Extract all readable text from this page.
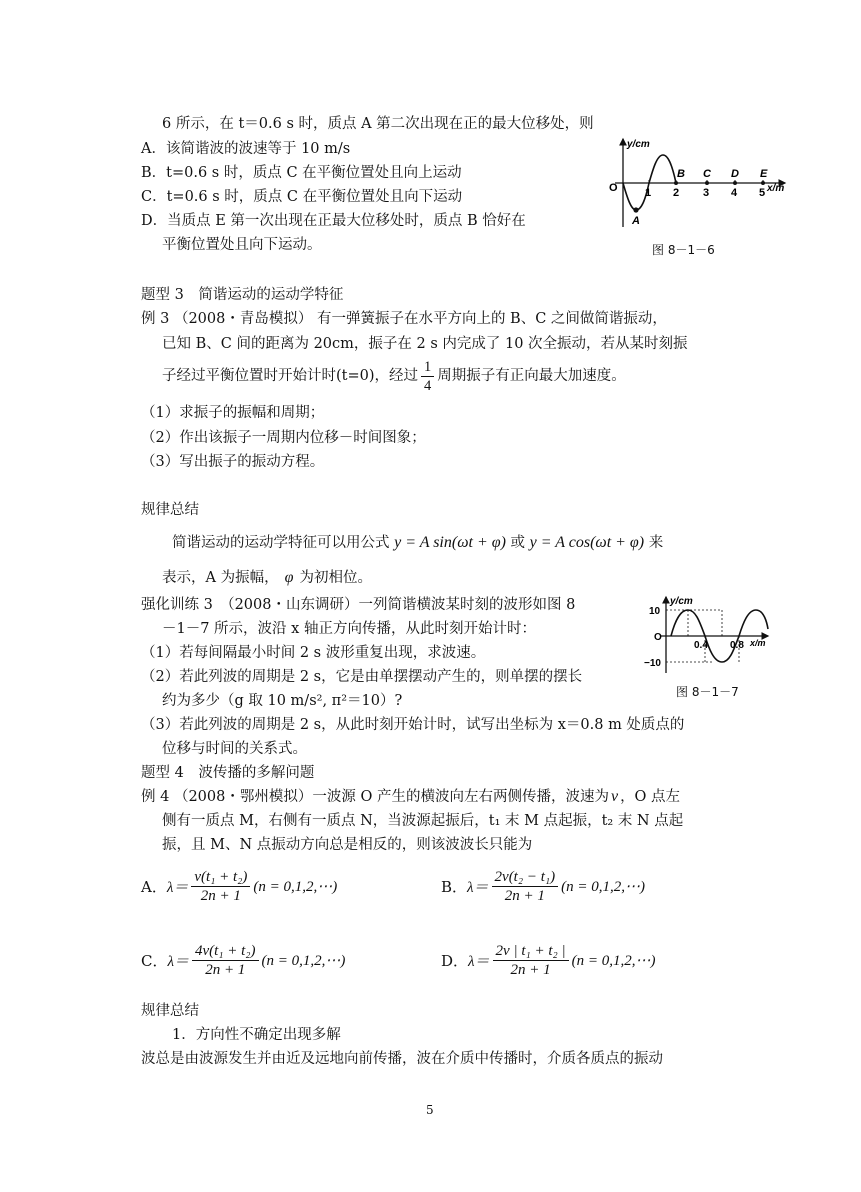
6 所示，在 t＝0.6 s 时，质点 A 第二次出现在正的最大位移处，则
A．该简谐波的波速等于 10 m/s
B．t=0.6 s 时，质点 C 在平衡位置处且向上运动
C．t=0.6 s 时，质点 C 在平衡位置处且向下运动
D．当质点 E 第一次出现在正最大位移处时，质点 B 恰好在
平衡位置处且向下运动。
y/cm
O 1 2 3 4 5 x/m
A
B C D E
图 8－1－6
题型 3　简谐运动的运动学特征
例 3 （2008・青岛模拟） 有一弹簧振子在水平方向上的 B、C 之间做简谐振动，
已知 B、C 间的距离为 20cm，振子在 2 s 内完成了 10 次全振动，若从某时刻振
子经过平衡位置时开始计时(t=0)，经过 $\frac{1}{4}$ 周期振子有正向最大加速度。
（1）求振子的振幅和周期；
（2）作出该振子一周期内位移－时间图象；
（3）写出振子的振动方程。
规律总结
简谐运动的运动学特征可以用公式 y = A sin(ωt + φ) 或 y = A cos(ωt + φ) 来
表示，A 为振幅， φ 为初相位。
强化训练 3　（2008・山东调研）一列简谐横波某时刻的波形如图 8
－1－7 所示，波沿 x 轴正方向传播，从此时刻开始计时：
（1）若每间隔最小时间 2 s 波形重复出现，求波速。
（2）若此列波的周期是 2 s，它是由单摆摆动产生的，则单摆的摆长
约为多少（g 取 10 m/s², π²＝10）?
（3）若此列波的周期是 2 s，从此时刻开始计时，试写出坐标为 x＝0.8 m 处质点的
位移与时间的关系式。
y/cm
10
O
−10
0.4 0.8 x/m
图 8－1－7
题型 4　波传播的多解问题
例 4 （2008・鄂州模拟）一波源 O 产生的横波向左右两侧传播，波速为 v ，O 点左
侧有一质点 M，右侧有一质点 N，当波源起振后，t₁ 末 M 点起振，t₂ 末 N 点起
振，且 M、N 点振动方向总是相反的，则该波波长只能为
A．$\lambda= \frac{\text{v(t₁ + t₂)}}{2n + 1} (n$ = 0,1,2,⋯)	B．$\lambda= \frac{\text{2v(t₂ − t₁)}}{2n + 1} (n$ = 0,1,2,⋯)
C．$\lambda= \frac{\text{4v(t₁ + t₂)}}{2n + 1} (n$ = 0,1,2,⋯)	D．$\lambda= \frac{\text{2v | t₁ + t₂ |}}{2n + 1} (n$ = 0,1,2,⋯)
规律总结
1．方向性不确定出现多解
波总是由波源发生并由近及远地向前传播，波在介质中传播时，介质各质点的振动
5
